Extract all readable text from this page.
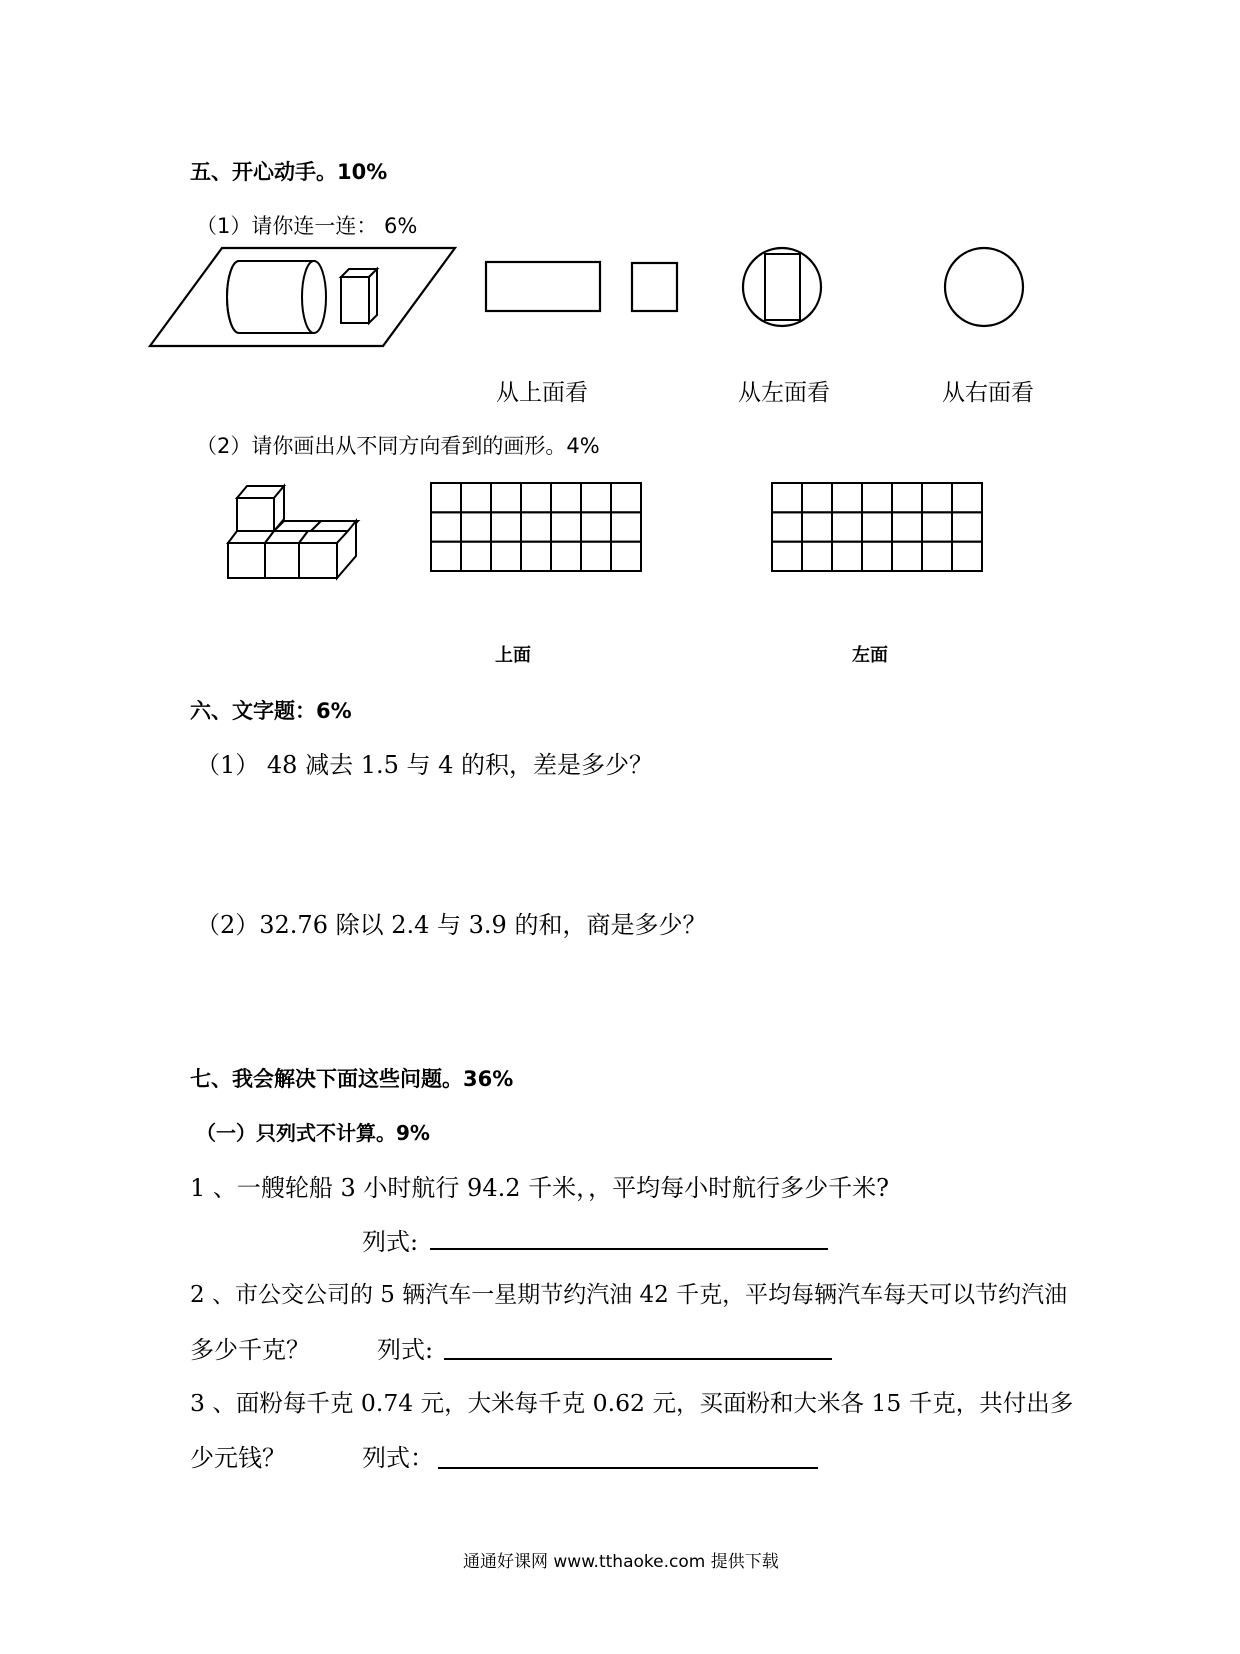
五、开心动手。10%
（1）请你连一连： 6%
从上面看	从左面看	从右面看
（2）请你画出从不同方向看到的画形。4%
上面	左面
六、文字题：6%
（1） 48 减去 1.5 与 4 的积，差是多少？
（2）32.76 除以 2.4 与 3.9 的和，商是多少？
七、我会解决下面这些问题。36%
（一）只列式不计算。9%
1 、一艘轮船 3 小时航行 94.2 千米，，平均每小时航行多少千米?
列式:
2 、市公交公司的 5 辆汽车一星期节约汽油 42 千克，平均每辆汽车每天可以节约汽油
多少千克？	列式:
3 、面粉每千克 0.74 元，大米每千克 0.62 元，买面粉和大米各 15 千克，共付出多
少元钱？	列式：
通通好课网 www.tthaoke.com 提供下载
